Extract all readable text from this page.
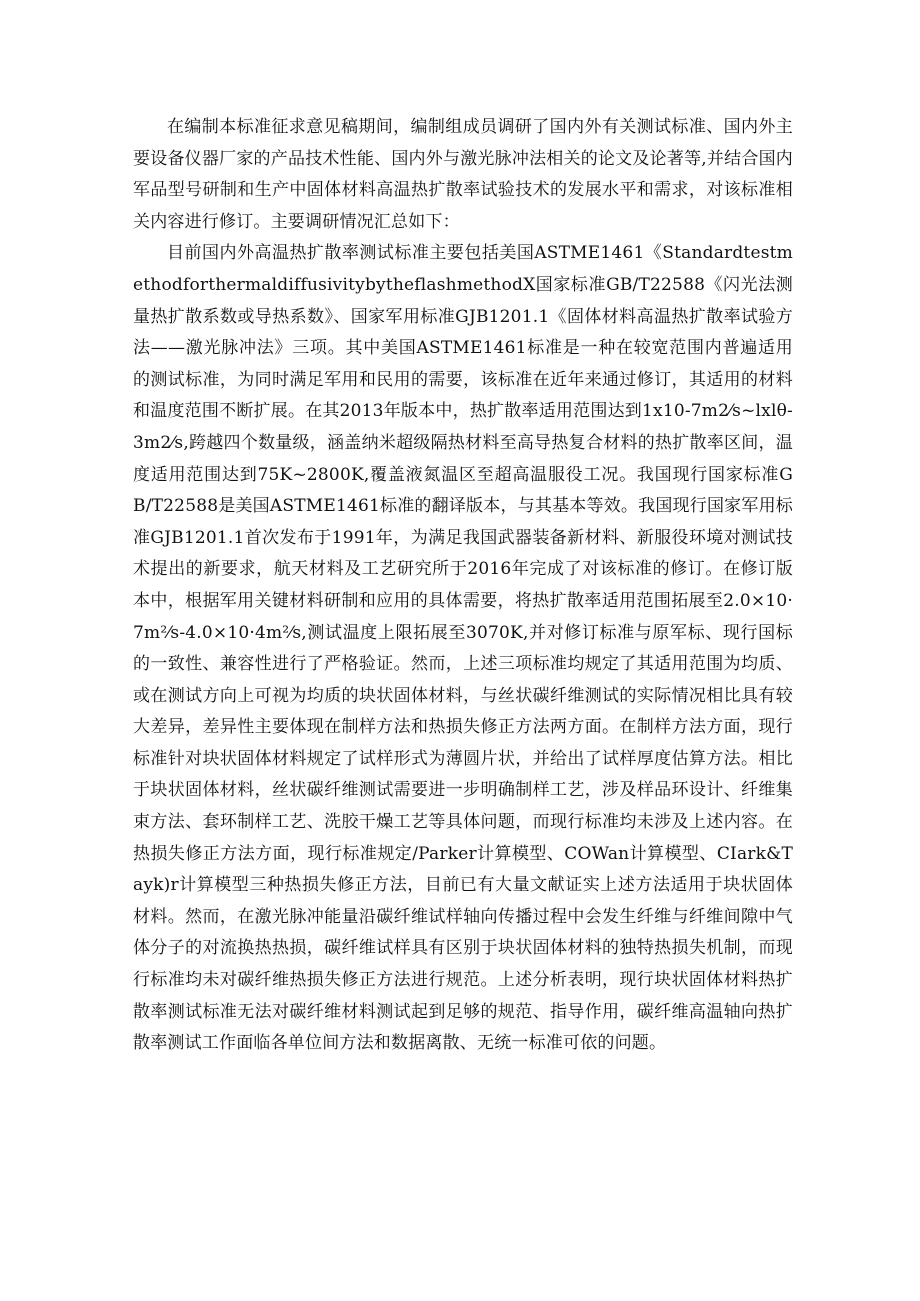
在编制本标准征求意见稿期间，编制组成员调研了国内外有关测试标准、国内外主要设备仪器厂家的产品技术性能、国内外与激光脉冲法相关的论文及论著等,并结合国内军品型号研制和生产中固体材料高温热扩散率试验技术的发展水平和需求，对该标准相关内容进行修订。主要调研情况汇总如下：

目前国内外高温热扩散率测试标准主要包括美国ASTME1461《StandardtestmethodforthermaldiffusivitybytheflashmethodX国家标准GB/T22588《闪光法测量热扩散系数或导热系数》、国家军用标准GJB1201.1《固体材料高温热扩散率试验方法——激光脉冲法》三项。其中美国ASTME1461标准是一种在较宽范围内普遍适用的测试标准，为同时满足军用和民用的需要，该标准在近年来通过修订，其适用的材料和温度范围不断扩展。在其2013年版本中，热扩散率适用范围达到1x10-7m2⁄s~lxlθ-3m2⁄s,跨越四个数量级，涵盖纳米超级隔热材料至高导热复合材料的热扩散率区间，温度适用范围达到75K~2800K,覆盖液氮温区至超高温服役工况。我国现行国家标准GB/T22588是美国ASTME1461标准的翻译版本，与其基本等效。我国现行国家军用标准GJB1201.1首次发布于1991年，为满足我国武器装备新材料、新服役环境对测试技术提出的新要求，航天材料及工艺研究所于2016年完成了对该标准的修订。在修订版本中，根据军用关键材料研制和应用的具体需要，将热扩散率适用范围拓展至2.0×10·7m²⁄s-4.0×10·4m²⁄s,测试温度上限拓展至3070K,并对修订标准与原军标、现行国标的一致性、兼容性进行了严格验证。然而，上述三项标准均规定了其适用范围为均质、或在测试方向上可视为均质的块状固体材料，与丝状碳纤维测试的实际情况相比具有较大差异，差异性主要体现在制样方法和热损失修正方法两方面。在制样方法方面，现行标准针对块状固体材料规定了试样形式为薄圆片状，并给出了试样厚度估算方法。相比于块状固体材料，丝状碳纤维测试需要进一步明确制样工艺，涉及样品环设计、纤维集束方法、套环制样工艺、洗胶干燥工艺等具体问题，而现行标准均未涉及上述内容。在热损失修正方法方面，现行标准规定/Parker计算模型、COWan计算模型、CIark&Tayk)r计算模型三种热损失修正方法，目前已有大量文献证实上述方法适用于块状固体材料。然而，在激光脉冲能量沿碳纤维试样轴向传播过程中会发生纤维与纤维间隙中气体分子的对流换热热损，碳纤维试样具有区别于块状固体材料的独特热损失机制，而现行标准均未对碳纤维热损失修正方法进行规范。上述分析表明，现行块状固体材料热扩散率测试标准无法对碳纤维材料测试起到足够的规范、指导作用，碳纤维高温轴向热扩散率测试工作面临各单位间方法和数据离散、无统一标准可依的问题。
